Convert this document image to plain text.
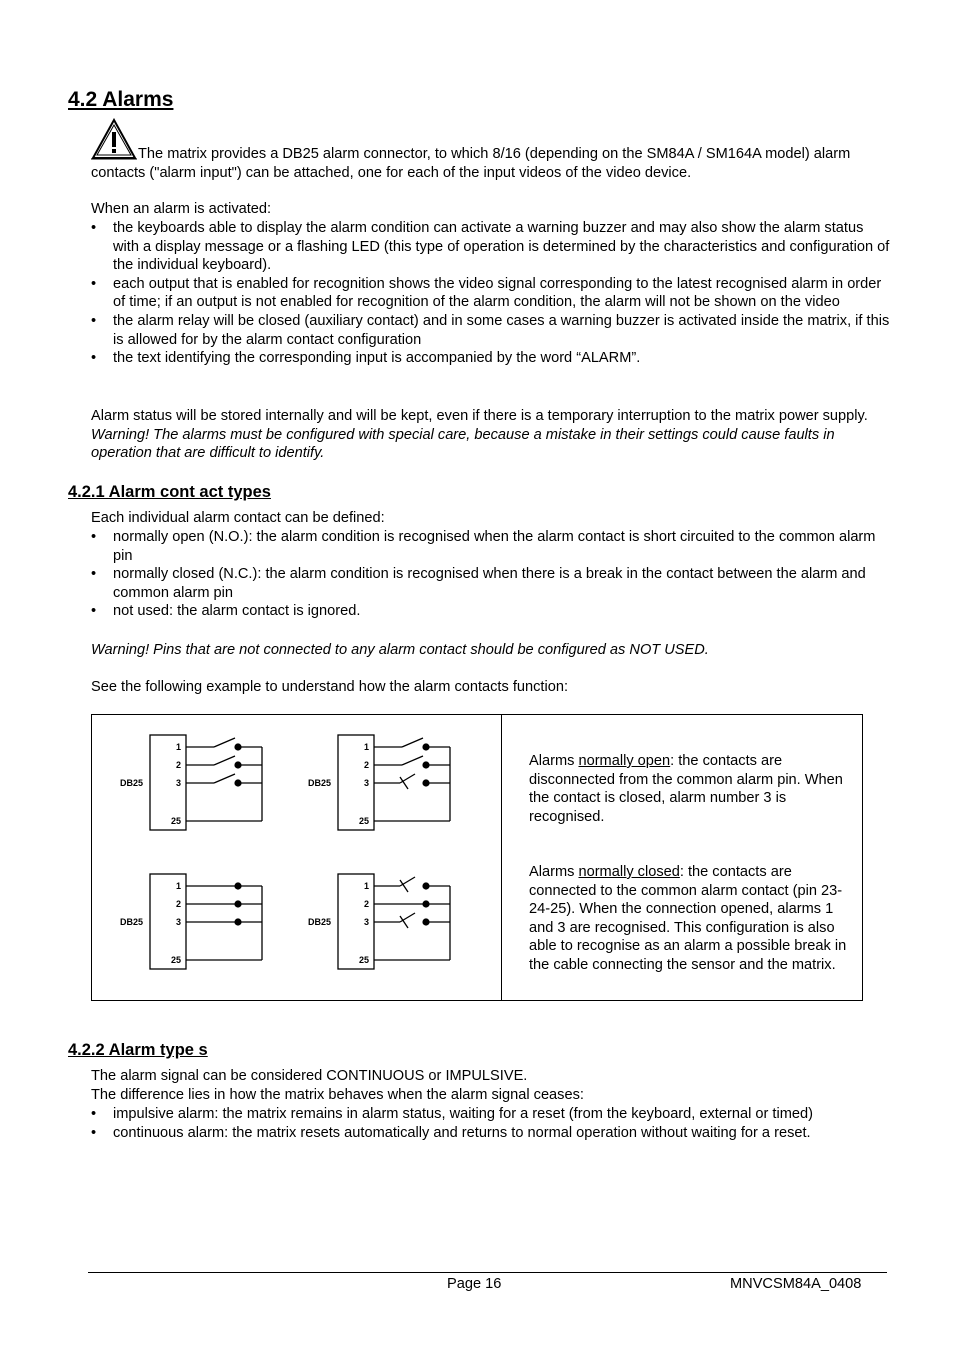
4.2 Alarms
The matrix provides a DB25 alarm connector, to which 8/16 (depending on the SM84A / SM164A model) alarm contacts ("alarm input") can be attached, one for each of the input videos of the video device.
When an alarm is activated:
• the keyboards able to display the alarm condition can activate a warning buzzer and may also show the alarm status with a display message or a flashing LED (this type of operation is determined by the characteristics and configuration of the individual keyboard).
• each output that is enabled for recognition shows the video signal corresponding to the latest recognised alarm in order of time; if an output is not enabled for recognition of the alarm condition, the alarm will not be shown on the video
• the alarm relay will be closed (auxiliary contact) and in some cases a warning buzzer is activated inside the matrix, if this is allowed for by the alarm contact configuration
• the text identifying the corresponding input is accompanied by the word “ALARM”.
Alarm status will be stored internally and will be kept, even if there is a temporary interruption to the matrix power supply. Warning! The alarms must be configured with special care, because a mistake in their settings could cause faults in operation that are difficult to identify.
4.2.1 Alarm cont act types
Each individual alarm contact can be defined:
• normally open (N.O.): the alarm condition is recognised when the alarm contact is short circuited to the common alarm pin
• normally closed (N.C.): the alarm condition is recognised when there is a break in the contact between the alarm and common alarm pin
• not used: the alarm contact is ignored.
Warning! Pins that are not connected to any alarm contact should be configured as NOT USED.
See the following example to understand how the alarm contacts function:
DB25
1
2
3
25
DB25
1
2
3
25
DB25
1
2
3
25
DB25
1
2
3
25
Alarms normally open: the contacts are disconnected from the common alarm pin. When the contact is closed, alarm number 3 is recognised.
Alarms normally closed: the contacts are connected to the common alarm contact (pin 23-24-25). When the connection opened, alarms 1 and 3 are recognised. This configuration is also able to recognise as an alarm a possible break in the cable connecting the sensor and the matrix.
4.2.2 Alarm type s
The alarm signal can be considered CONTINUOUS or IMPULSIVE.
The difference lies in how the matrix behaves when the alarm signal ceases:
• impulsive alarm: the matrix remains in alarm status, waiting for a reset (from the keyboard, external or timed)
• continuous alarm: the matrix resets automatically and returns to normal operation without waiting for a reset.
Page 16	MNVCSM84A_0408
